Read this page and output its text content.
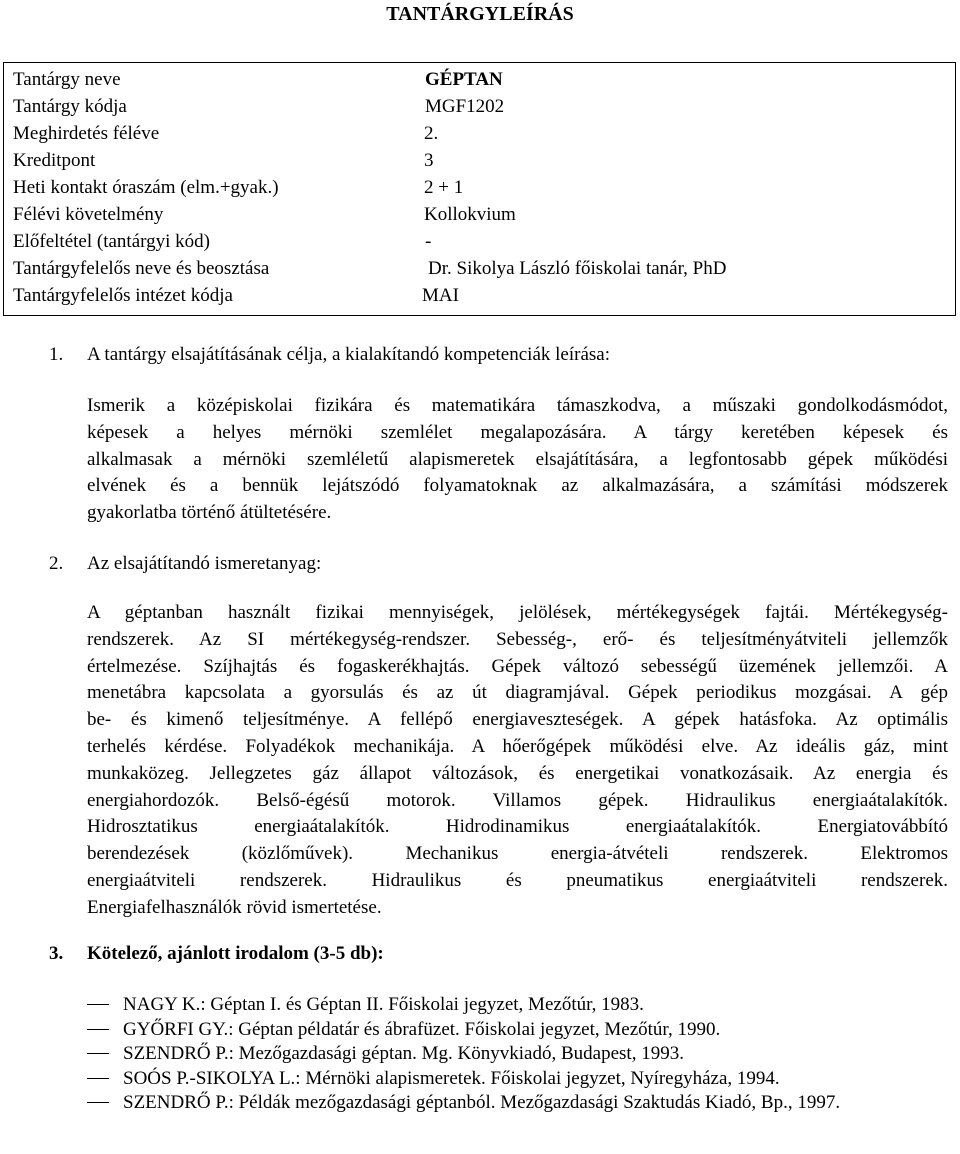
TANTÁRGYLEÍRÁS
Tantárgy neve	GÉPTAN
Tantárgy kódja	MGF1202
Meghirdetés féléve	2.
Kreditpont	3
Heti kontakt óraszám (elm.+gyak.)	2 + 1
Félévi követelmény	Kollokvium
Előfeltétel (tantárgyi kód)	-
Tantárgyfelelős neve és beosztása	Dr. Sikolya László főiskolai tanár, PhD
Tantárgyfelelős intézet kódja	MAI
1. A tantárgy elsajátításának célja, a kialakítandó kompetenciák leírása:
Ismerik a középiskolai fizikára és matematikára támaszkodva, a műszaki gondolkodásmódot,
képesek a helyes mérnöki szemlélet megalapozására. A tárgy keretében képesek és
alkalmasak a mérnöki szemléletű alapismeretek elsajátítására, a legfontosabb gépek működési
elvének és a bennük lejátszódó folyamatoknak az alkalmazására, a számítási módszerek
gyakorlatba történő átültetésére.
2. Az elsajátítandó ismeretanyag:
A géptanban használt fizikai mennyiségek, jelölések, mértékegységek fajtái. Mértékegység-
rendszerek. Az SI mértékegység-rendszer. Sebesség-, erő- és teljesítményátviteli jellemzők
értelmezése. Szíjhajtás és fogaskerékhajtás. Gépek változó sebességű üzemének jellemzői. A
menetábra kapcsolata a gyorsulás és az út diagramjával. Gépek periodikus mozgásai. A gép
be- és kimenő teljesítménye. A fellépő energiaveszteségek. A gépek hatásfoka. Az optimális
terhelés kérdése. Folyadékok mechanikája. A hőerőgépek működési elve. Az ideális gáz, mint
munkaközeg. Jellegzetes gáz állapot változások, és energetikai vonatkozásaik. Az energia és
energiahordozók. Belső-égésű motorok. Villamos gépek. Hidraulikus energiaátalakítók.
Hidrosztatikus energiaátalakítók. Hidrodinamikus energiaátalakítók. Energiatovábbító
berendezések (közlőművek). Mechanikus energia-átvételi rendszerek. Elektromos
energiaátviteli rendszerek. Hidraulikus és pneumatikus energiaátviteli rendszerek.
Energiafelhasználók rövid ismertetése.
3. Kötelező, ajánlott irodalom (3-5 db):
NAGY K.: Géptan I. és Géptan II. Főiskolai jegyzet, Mezőtúr, 1983.
GYŐRFI GY.: Géptan példatár és ábrafüzet. Főiskolai jegyzet, Mezőtúr, 1990.
SZENDRŐ P.: Mezőgazdasági géptan. Mg. Könyvkiadó, Budapest, 1993.
SOÓS P.-SIKOLYA L.: Mérnöki alapismeretek. Főiskolai jegyzet, Nyíregyháza, 1994.
SZENDRŐ P.: Példák mezőgazdasági géptanból. Mezőgazdasági Szaktudás Kiadó, Bp., 1997.
